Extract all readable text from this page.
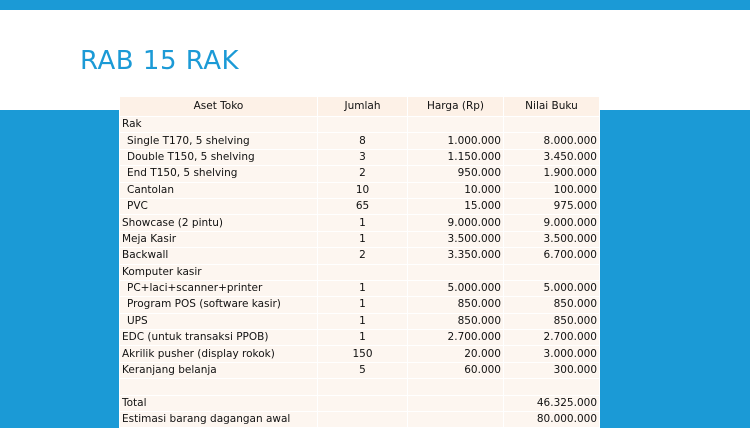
RAB 15 RAK
Aset Toko	Jumlah	Harga (Rp)	Nilai Buku
Rak			
Single T170, 5 shelving	8	1.000.000	8.000.000
Double T150, 5 shelving	3	1.150.000	3.450.000
End T150, 5 shelving	2	950.000	1.900.000
Cantolan	10	10.000	100.000
PVC	65	15.000	975.000
Showcase (2 pintu)	1	9.000.000	9.000.000
Meja Kasir	1	3.500.000	3.500.000
Backwall	2	3.350.000	6.700.000
Komputer kasir			
PC+laci+scanner+printer	1	5.000.000	5.000.000
Program POS (software kasir)	1	850.000	850.000
UPS	1	850.000	850.000
EDC (untuk transaksi PPOB)	1	2.700.000	2.700.000
Akrilik pusher (display rokok)	150	20.000	3.000.000
Keranjang belanja	5	60.000	300.000

Total			46.325.000
Estimasi barang dagangan awal			80.000.000
